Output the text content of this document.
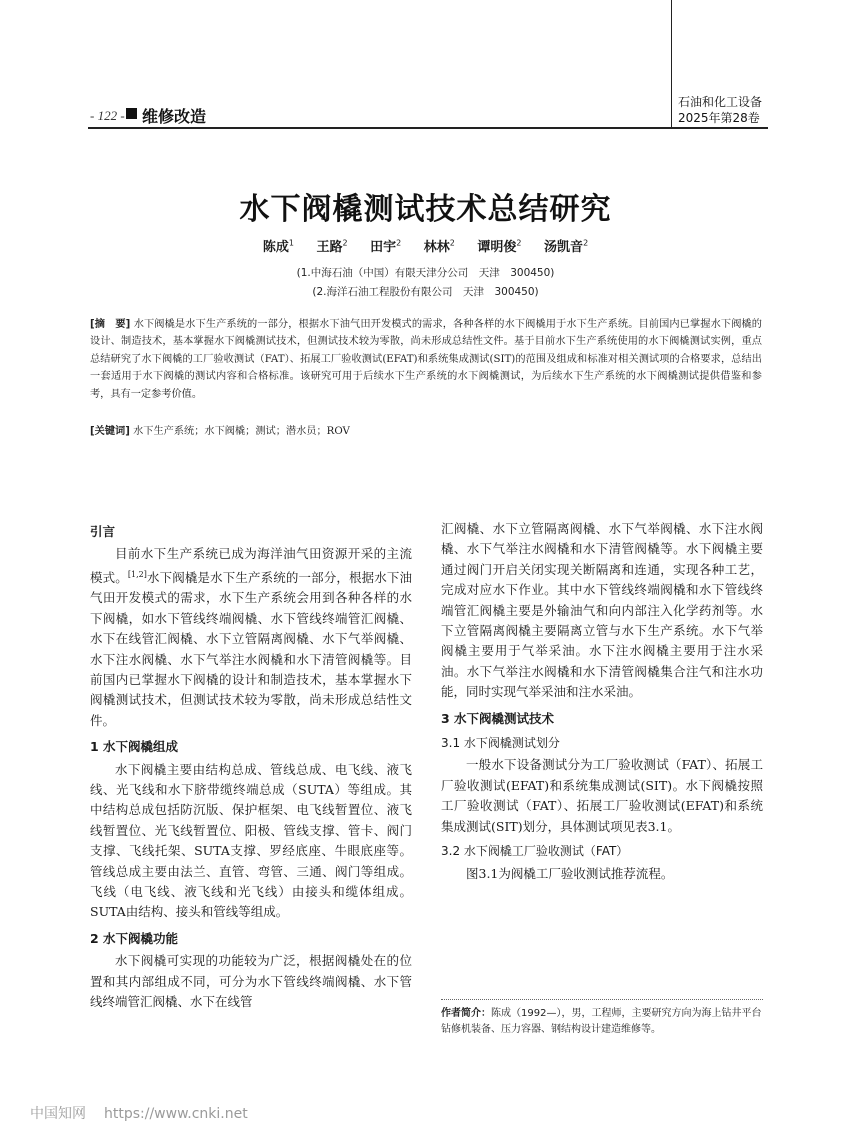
- 122 - 维修改造
石油和化工设备
2025年第28卷
水下阀橇测试技术总结研究
陈成$^1$ 王路$^2$ 田宇$^2$ 林林$^2$ 谭明俊$^2$ 汤凯音$^2$
(1.中海石油（中国）有限天津分公司　天津　300450)
(2.海洋石油工程股份有限公司　天津　300450)
[摘　要] 水下阀橇是水下生产系统的一部分，根据水下油气田开发模式的需求，各种各样的水下阀橇用于水下生产系统。目前国内已掌握水下阀橇的设计、制造技术，基本掌握水下阀橇测试技术，但测试技术较为零散，尚未形成总结性文件。基于目前水下生产系统使用的水下阀橇测试实例，重点总结研究了水下阀橇的工厂验收测试（FAT）、拓展工厂验收测试(EFAT)和系统集成测试(SIT)的范围及组成和标准对相关测试项的合格要求，总结出一套适用于水下阀橇的测试内容和合格标准。该研究可用于后续水下生产系统的水下阀橇测试，为后续水下生产系统的水下阀橇测试提供借鉴和参考，具有一定参考价值。
[关键词] 水下生产系统；水下阀橇；测试；潜水员；ROV
引言

目前水下生产系统已成为海洋油气田资源开采的主流模式。[1,2]水下阀橇是水下生产系统的一部分，根据水下油气田开发模式的需求，水下生产系统会用到各种各样的水下阀橇，如水下管线终端阀橇、水下管线终端管汇阀橇、水下在线管汇阀橇、水下立管隔离阀橇、水下气举阀橇、水下注水阀橇、水下气举注水阀橇和水下清管阀橇等。目前国内已掌握水下阀橇的设计和制造技术，基本掌握水下阀橇测试技术，但测试技术较为零散，尚未形成总结性文件。

1 水下阀橇组成

水下阀橇主要由结构总成、管线总成、电飞线、液飞线、光飞线和水下脐带缆终端总成（SUTA）等组成。其中结构总成包括防沉版、保护框架、电飞线暂置位、液飞线暂置位、光飞线暂置位、阳极、管线支撑、管卡、阀门支撑、飞线托架、SUTA支撑、罗经底座、牛眼底座等。管线总成主要由法兰、直管、弯管、三通、阀门等组成。飞线（电飞线、液飞线和光飞线）由接头和缆体组成。SUTA由结构、接头和管线等组成。

2 水下阀橇功能

水下阀橇可实现的功能较为广泛，根据阀橇处在的位置和其内部组成不同，可分为水下管线终端阀橇、水下管线终端管汇阀橇、水下在线管

汇阀橇、水下立管隔离阀橇、水下气举阀橇、水下注水阀橇、水下气举注水阀橇和水下清管阀橇等。水下阀橇主要通过阀门开启关闭实现关断隔离和连通，实现各种工艺，完成对应水下作业。其中水下管线终端阀橇和水下管线终端管汇阀橇主要是外输油气和向内部注入化学药剂等。水下立管隔离阀橇主要隔离立管与水下生产系统。水下气举阀橇主要用于气举采油。水下注水阀橇主要用于注水采油。水下气举注水阀橇和水下清管阀橇集合注气和注水功能，同时实现气举采油和注水采油。

3 水下阀橇测试技术
3.1 水下阀橇测试划分

一般水下设备测试分为工厂验收测试（FAT）、拓展工厂验收测试(EFAT)和系统集成测试(SIT)。水下阀橇按照工厂验收测试（FAT）、拓展工厂验收测试(EFAT)和系统集成测试(SIT)划分，具体测试项见表3.1。

3.2 水下阀橇工厂验收测试（FAT）

图3.1为阀橇工厂验收测试推荐流程。

作者简介：陈成（1992—），男，工程师，主要研究方向为海上钻井平台钻修机装备、压力容器、钢结构设计建造维修等。
中国知网 https://www.cnki.net
